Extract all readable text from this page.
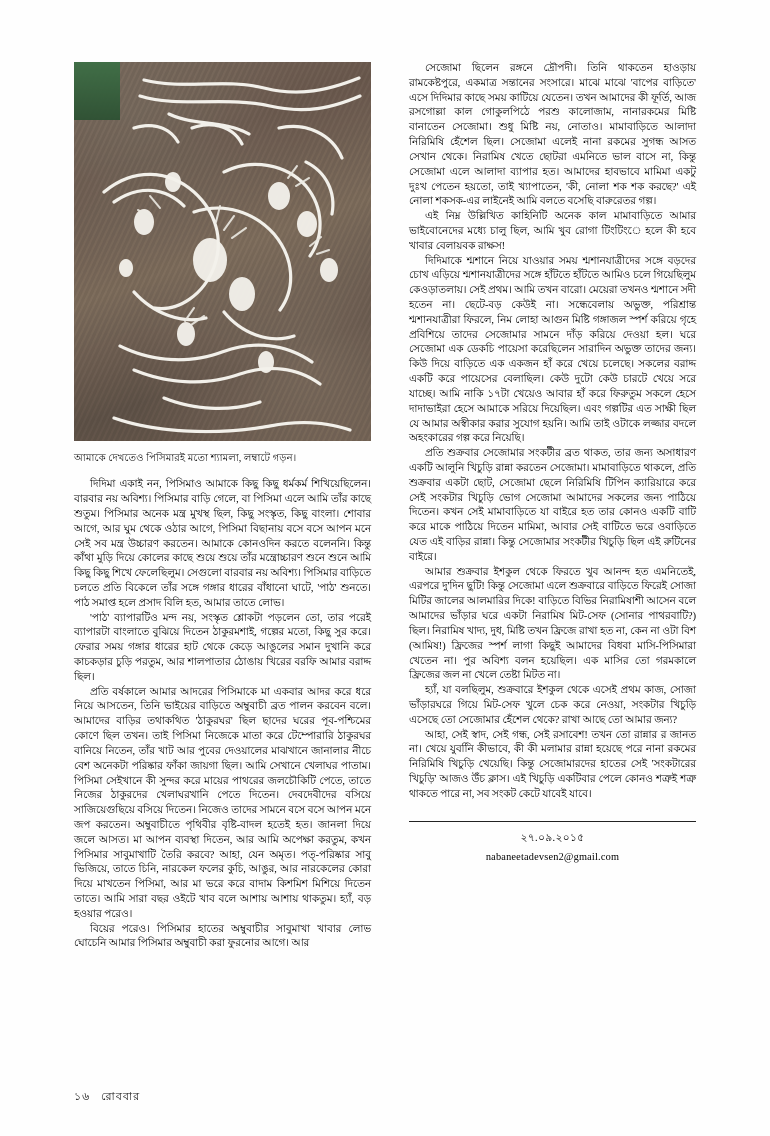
আমাকে দেখতেও পিসিমারই মতো শ্যামলা, লম্বাটে গড়ন।

দিদিমা একাই নন, পিসিমাও আমাকে কিছু কিছু ধর্মকর্ম শিখিয়েছিলেন। বারবার নয় অবিশ্য। পিসিমার বাড়ি গেলে, বা পিসিমা এলে আমি তাঁর কাছে শুতুম। পিসিমার অনেক মন্ত্র মুখস্থ ছিল, কিছু সংস্কৃত, কিছু বাংলা। শোবার আগে, আর ঘুম থেকে ওঠার আগে, পিসিমা বিছানায় বসে বসে আপন মনে সেই সব মন্ত্র উচ্চারণ করতেন। আমাকে কোনওদিন করতে বলেননি। কিন্তু কাঁথা মুড়ি দিয়ে কোলের কাছে শুয়ে শুয়ে তাঁর মন্ত্রোচ্চারণ শুনে শুনে আমি কিছু কিছু শিখে ফেলেছিলুম। সেগুলো বারবার নয় অবিশ্য। পিসিমার বাড়িতে চলতে প্রতি বিকেলে তাঁর সঙ্গে গঙ্গার ধারের বাঁধানো ঘাটে, 'পাঠ' শুনতে। পাঠ সমাপ্ত হলে প্রসাদ বিলি হত, আমার তাতে লোভ।

'পাঠ' ব্যাপারটিও মন্দ নয়, সংস্কৃত শ্লোকটা পড়লেন তো, তার পরেই ব্যাপারটা বাংলাতে বুঝিয়ে দিতেন ঠাকুরমশাই, গল্পের মতো, কিছু সুর করে। ফেরার সময় গঙ্গার ধারের হাট থেকে কেড়ে আঙুলের সমান দুখানি করে কাচকড়ার চুড়ি পরতুম, আর শালপাতার ঠোঙায় খিরের বরফি আমার বরাদ্দ ছিল।

প্রতি বর্ষকালে আমার আদরের পিসিমাকে মা একবার আদর করে ধরে নিয়ে আসতেন, তিনি ভাইয়ের বাড়িতে অম্বুবাচী ব্রত পালন করবেন বলে। আমাদের বাড়ির তথাকথিত 'ঠাকুরঘর' ছিল ছাদের ঘরের পূব-পশ্চিমের কোণে ছিল তখন। তাই পিসিমা নিজেকে মাতা করে টেম্পোরারি ঠাকুরঘর বানিয়ে নিতেন, তাঁর খাট আর পুবের দেওয়ালের মাঝখানে জানালার নীচে বেশ অনেকটা পরিষ্কার ফাঁকা জায়গা ছিল। আমি সেখানে খেলাঘর পাতাম। পিসিমা সেইখানে কী সুন্দর করে মায়ের পাথরের জলচৌকিটি পেতে, তাতে নিজের ঠাকুরদের খেলাঘরখানি পেতে দিতেন। দেবদেবীদের বসিয়ে সাজিয়েগুছিয়ে বসিয়ে দিতেন। নিজেও তাদের সামনে বসে বসে আপন মনে জপ করতেন। অম্বুবাচীতে পৃথিবীর বৃষ্টি-বাদল হতেই হত। জানলা দিয়ে জলে আসত। মা আপন ব্যবস্থা দিতেন, আর আমি অপেক্ষা করতুম, কখন পিসিমার সাবুমাখাটি তৈরি করবে? আহা, যেন অমৃত। পত্-পরিষ্কার সাবু ভিজিয়ে, তাতে চিনি, নারকেল ফলের কুচি, আঙুর, আর নারকেলের কোরা দিয়ে মাখতেন পিসিমা, আর মা ভরে করে বাদাম কিশমিশ মিশিয়ে দিতেন তাতে। আমি সারা বছর ওইটে খাব বলে আশায় আশায় থাকতুম। হ্যাঁ, বড় হওয়ার পরেও।

বিয়ের পরেও। পিসিমার হাতের অম্বুবাচীর সাবুমাখা খাবার লোভ ঘোচেনি আমার পিসিমার অম্বুবাচী করা ফুরনোর আগে। আর

সেজোমা ছিলেন রঙ্গনে দ্রৌপদী। তিনি থাকতেন হাওড়ায় রামকেষ্টপুরে, একমাত্র সন্তানের সংসারে। মাঝে মাঝে 'বাপের বাড়িতে' এসে দিদিমার কাছে সময় কাটিয়ে যেতেন। তখন আমাদের কী ফূর্তি, আজ রসগোল্লা কাল গোকুলপিঠে পরশু কালোজাম, নানারকমের মিষ্টি বানাতেন সেজোমা। শুধু মিষ্টি নয়, নোতাও। মামাবাড়িতে আলাদা নিরিমিষি হেঁশেল ছিল। সেজোমা এলেই নানা রকমের সুগন্ধ আসত সেখান থেকে। নিরামিষ খেতে ছোটরা এমনিতে ভাল বাসে না, কিন্তু সেজোমা এলে আলাদা ব্যাপার হত। আমাদের হাবভাবে মামিমা একটু দুঃখ পেতেন হয়তো, তাই খ্যাপাতেন, 'কী, নোলা শক শক করছে?' এই নোলা শকসক-এর লাইনেই আমি বলতে বসেছি বারুরেতর গল্প।

এই নিম্ন উল্লিখিত কাহিনিটি অনেক কাল মামাবাড়িতে আমার ভাইবোনেদের মধ্যে চালু ছিল, আমি খুব রোগা টিংটিংে হলে কী হবে খাবার বেলায়বক রাক্ষস!

দিদিমাকে শ্মশানে নিয়ে যাওয়ার সময় শ্মশানযাত্রীদের সঙ্গে বড়দের চোখ এড়িয়ে শ্মশানযাত্রীদের সঙ্গে হাঁটতে হাঁটতে আমিও চলে গিয়েছিলুম কেওড়াতলায়। সেই প্রথম। আমি তখন বারো। মেয়েরা তখনও শ্মশানে সদী হতেন না। ছেটে-বড় কেউই না। সন্ধেবেলায় অভুক্ত, পরিশ্রান্ত শ্মশানযাত্রীরা ফিরলে, নিম লোহা আগুন মিষ্টি গঙ্গাজল স্পর্শ করিয়ে গৃহে প্রবিশিয়ে তাদের সেজোমার সামনে দাঁড় করিয়ে দেওয়া হল। ঘরে সেজোমা এক ডেকচি পায়েসা করেছিলেন সারাদিন অভুক্ত তাদের জন্য। কিউ দিয়ে বাড়িতে এক একজন হাঁ করে খেয়ে চলেছে। সকলের বরাদ্দ একটি করে পায়েসের বেলাছিল। কেউ দুটো কেউ চারটে খেয়ে সরে যাচ্ছে। আমি নাকি ১৭টা খেয়েও আবার হাঁ করে ফিরুতুম সকলে হেসে দাদাভাইরা হেসে আমাকে সরিয়ে দিয়েছিল। এবং গল্পটির এত সাক্ষী ছিল যে আমার অস্বীকার করার সুযোগ হয়নি। আমি তাই ওটাকে লজ্জার বদলে অহংকারের গল্প করে নিয়েছি।

প্রতি শুক্রবার সেজোমার সংকটীর ব্রত থাকত, তার জন্য অসাধারণ একটি আলুনি খিচুড়ি রান্না করতেন সেজোমা। মামাবাড়িতে থাকলে, প্রতি শুক্রবার একটা ছোট, সেজোমা ছেলে নিরিমিষি টিপিন ক্যারিয়ারে করে সেই সংকটার খিচুড়ি ভোগ সেজোমা আমাদের সকলের জন্য পাঠিয়ে দিতেন। কখন সেই মামাবাড়িতে যা বাইরে হত তার কোনও একটি বাটি করে মাকে পাঠিয়ে দিতেন মামিমা, আবার সেই বাটিতে ভরে ওবাড়িতে যেত এই বাড়ির রান্না। কিন্তু সেজোমার সংকটীর খিচুড়ি ছিল এই রুটিনের বাইরে।

আমার শুক্রবার ইশকুল থেকে ফিরতে খুব আনন্দ হত এমনিতেই, এরপরে দু'দিন ছুটি! কিন্তু সেজোমা এলে শুক্রবারে বাড়িতে ফিরেই সোজা মিটির জালের আলমারির দিকে! বাড়িতে বিভির নিরামিষাশী আসেন বলে আমাদের ভাঁড়ার ঘরে একটা নিরামিষ মিট-সেফ (সোনার পাথরবাটি?) ছিল। নিরামিষ খাদ্য, দুধ, মিষ্টি তখন ফ্রিজে রাখা হত না, কেন না ওটা বিশ (আমিষ!) ফ্রিজের স্পর্শ লাগা কিছুই আমাদের বিধবা মাসি-পিসিমারা খেতেন না। পুর অবিশ্য বলন হয়েছিল। এক মাসির তো গরমকালে ফ্রিজের জল না খেলে তেষ্টা মিটত না।

হ্যাঁ, যা বলছিলুম, শুক্রবারে ইশকুল থেকে এসেই প্রথম কাজ, সোজা ভাঁড়ারঘরে গিয়ে মিট-সেফ খুলে চেক করে নেওয়া, সংকটার খিচুড়ি এসেছে তো সেজোমার হেঁশেল থেকে? রাখা আছে তো আমার জন্য?

আহা, সেই স্বাদ, সেই গন্ধ, সেই রসাবেশ! তখন তো রান্নার র জানত না। খেয়ে যুবনিি কীভাবে, কী কী মলামার রান্না হয়েছে পরে নানা রকমের নিরিমিষি খিচুড়ি খেয়েছি। কিন্তু সেজোমারদের হাতের সেই 'সংকটারের খিচুড়ি' আজও উঁচ ক্লাস। এই খিচুড়ি একটিবার পেলে কোনও শত্রুই শত্রু থাকতে পারে না, সব সংকট কেটে যাবেই যাবে।

২৭.০৯.২০১৫
nabaneetadevsen2@gmail.com
১৬ রোববার
